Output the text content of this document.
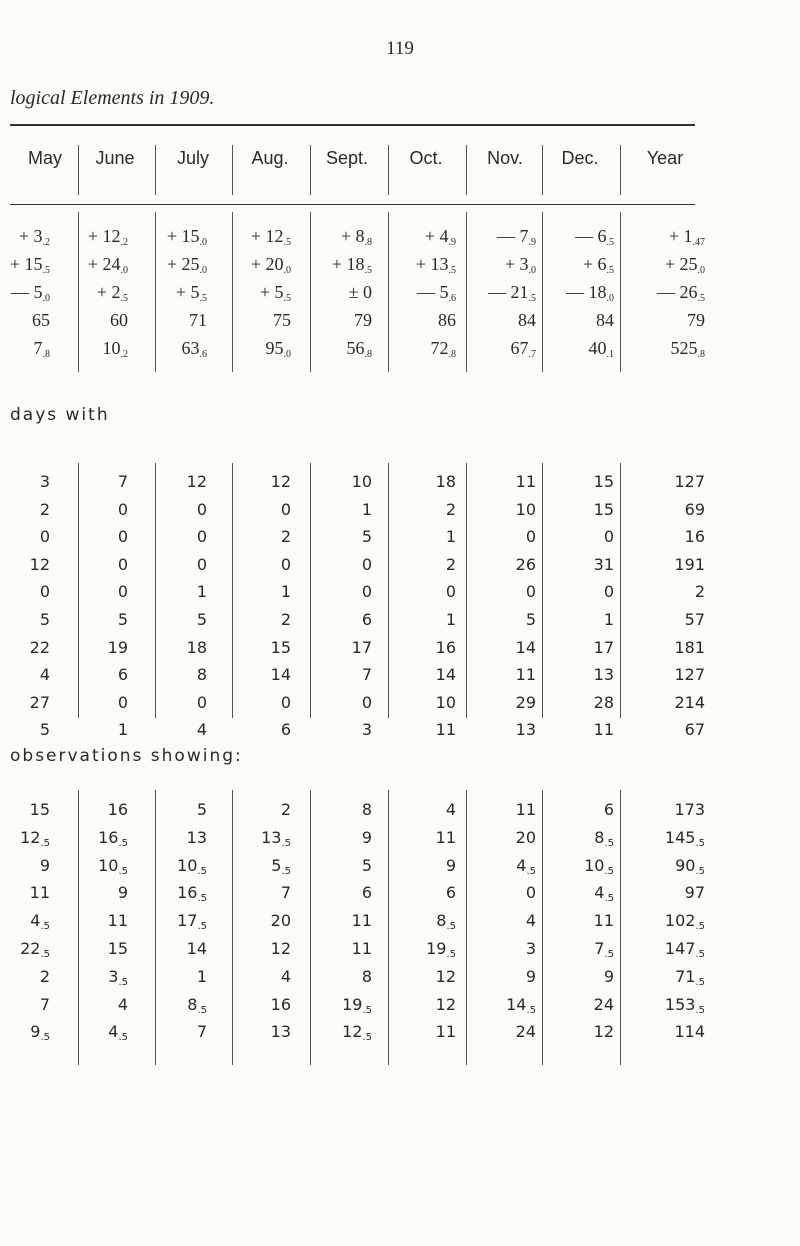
119
logical Elements in 1909.
May	June	July	Aug.	Sept.	Oct.	Nov.	Dec.	Year
+ $3_{.2}$	+ $12_{.2}$	+ $15_{.0}$	+ $12_{.5}$	+ $8_{.8}$	+ $4_{.9}$	— $7_{.9}$	— $6_{.5}$	+ $1_{.47}$
+ $15_{.5}$	+ $24_{.0}$	+ $25_{.0}$	+ $20_{.0}$	+ $18_{.5}$	+ $13_{.5}$	+ $3_{.0}$	+ $6_{.5}$	+ $25_{.0}$
— $5_{.0}$	+ $2_{.5}$	+ $5_{.5}$	+ $5_{.5}$	± 0	— $5_{.6}$	— $21_{.5}$	— $18_{.0}$	— $26_{.5}$
65	60	71	75	79	86	84	84	79
$7_{.8}$	$10_{.2}$	$63_{.6}$	$95_{.0}$	$56_{.8}$	$72_{.8}$	$67_{.7}$	$40_{.1}$	$525_{.8}$
3	7	12	12	10	18	11	15	127
2	0	0	0	1	2	10	15	69
0	0	0	2	5	1	0	0	16
12	0	0	0	0	2	26	31	191
0	0	1	1	0	0	0	0	2
5	5	5	2	6	1	5	1	57
22	19	18	15	17	16	14	17	181
4	6	8	14	7	14	11	13	127
27	0	0	0	0	10	29	28	214
5	1	4	6	3	11	13	11	67
15	16	5	2	8	4	11	6	173
$12_{.5}$	$16_{.5}$	13	$13_{.5}$	9	11	20	$8_{.5}$	$145_{.5}$
9	$10_{.5}$	$10_{.5}$	$5_{.5}$	5	9	$4_{.5}$	$10_{.5}$	$90_{.5}$
11	9	$16_{.5}$	7	6	6	0	$4_{.5}$	97
$4_{.5}$	11	$17_{.5}$	20	11	$8_{.5}$	4	11	$102_{.5}$
$22_{.5}$	15	14	12	11	$19_{.5}$	3	$7_{.5}$	$147_{.5}$
2	$3_{.5}$	1	4	8	12	9	9	$71_{.5}$
7	4	$8_{.5}$	16	$19_{.5}$	12	$14_{.5}$	24	$153_{.5}$
$9_{.5}$	$4_{.5}$	7	13	$12_{.5}$	11	24	12	114
days with
observations showing:
